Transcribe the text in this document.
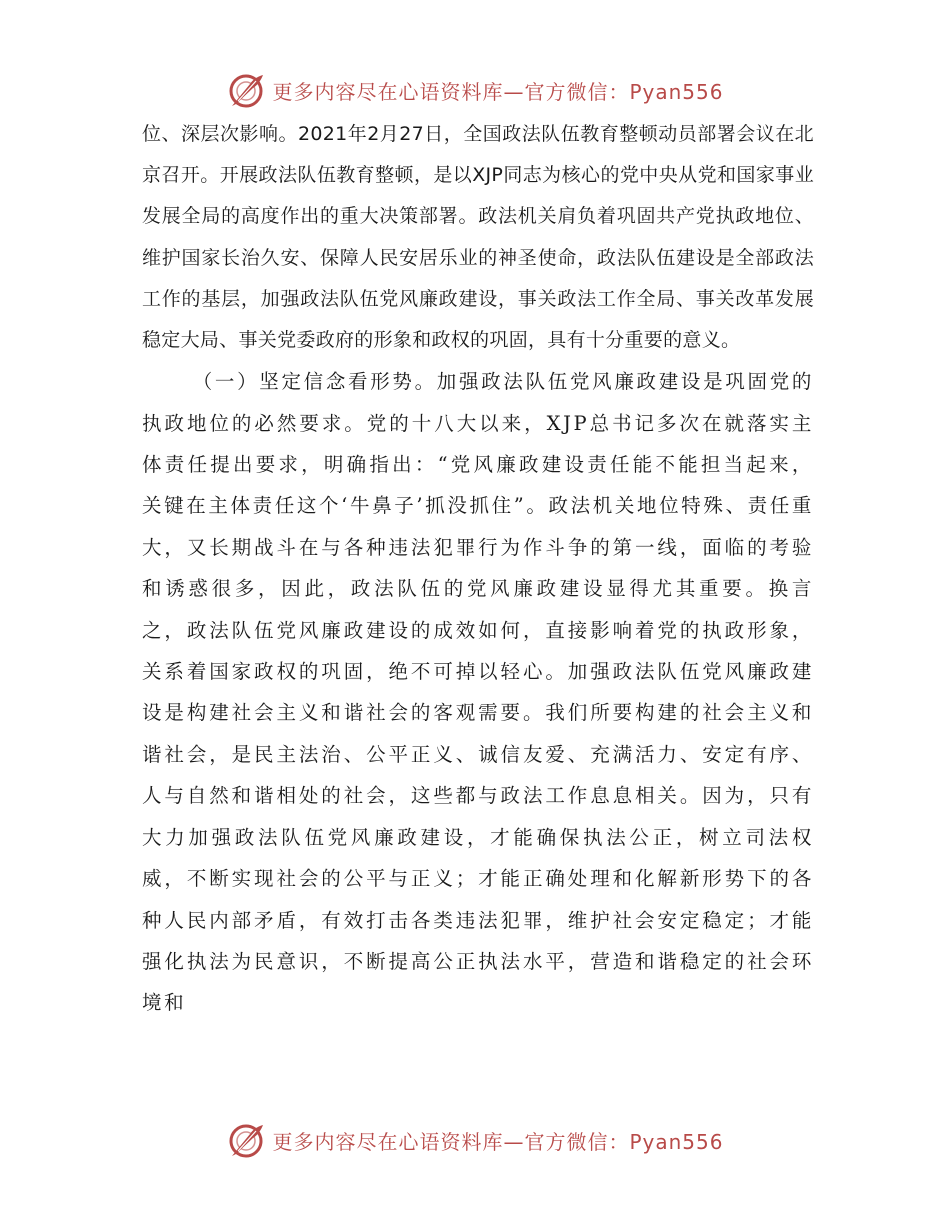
更多内容尽在心语资料库—官方微信：Pyan556

位、深层次影响。2021年2月27日，全国政法队伍教育整顿动员部署会议在北京召开。开展政法队伍教育整顿，是以XJP同志为核心的党中央从党和国家事业发展全局的高度作出的重大决策部署。政法机关肩负着巩固共产党执政地位、维护国家长治久安、保障人民安居乐业的神圣使命，政法队伍建设是全部政法工作的基层，加强政法队伍党风廉政建设，事关政法工作全局、事关改革发展稳定大局、事关党委政府的形象和政权的巩固，具有十分重要的意义。

（一）坚定信念看形势。加强政法队伍党风廉政建设是巩固党的执政地位的必然要求。党的十八大以来，XJP总书记多次在就落实主体责任提出要求，明确指出：“党风廉政建设责任能不能担当起来，关键在主体责任这个‘牛鼻子’抓没抓住”。政法机关地位特殊、责任重大，又长期战斗在与各种违法犯罪行为作斗争的第一线，面临的考验和诱惑很多，因此，政法队伍的党风廉政建设显得尤其重要。换言之，政法队伍党风廉政建设的成效如何，直接影响着党的执政形象，关系着国家政权的巩固，绝不可掉以轻心。加强政法队伍党风廉政建设是构建社会主义和谐社会的客观需要。我们所要构建的社会主义和谐社会，是民主法治、公平正义、诚信友爱、充满活力、安定有序、人与自然和谐相处的社会，这些都与政法工作息息相关。因为，只有大力加强政法队伍党风廉政建设，才能确保执法公正，树立司法权威，不断实现社会的公平与正义；才能正确处理和化解新形势下的各种人民内部矛盾，有效打击各类违法犯罪，维护社会安定稳定；才能强化执法为民意识，不断提高公正执法水平，营造和谐稳定的社会环境和

更多内容尽在心语资料库—官方微信：Pyan556
